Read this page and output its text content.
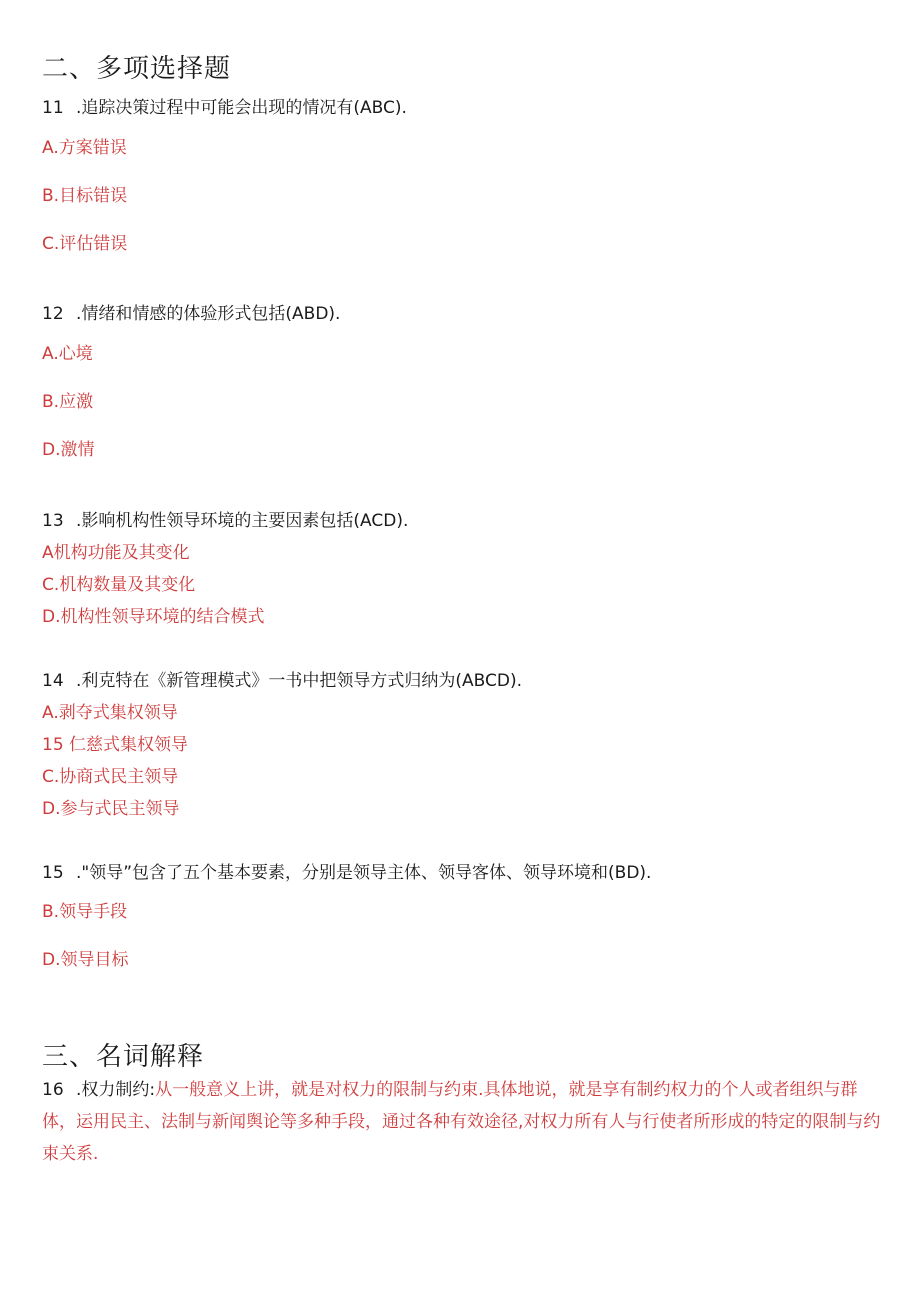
二、多项选择题
11 .追踪决策过程中可能会出现的情况有(ABC).
A.方案错误
B.目标错误
C.评估错误
12 .情绪和情感的体验形式包括(ABD).
A.心境
B.应激
D.激情
13 .影响机构性领导环境的主要因素包括(ACD).
A机构功能及其变化
C.机构数量及其变化
D.机构性领导环境的结合模式
14 .利克特在《新管理模式》一书中把领导方式归纳为(ABCD).
A.剥夺式集权领导
15 仁慈式集权领导
C.协商式民主领导
D.参与式民主领导
15 ."领导”包含了五个基本要素，分别是领导主体、领导客体、领导环境和(BD).
B.领导手段
D.领导目标
三、名词解释
16 .权力制约:从一般意义上讲，就是对权力的限制与约束.具体地说，就是享有制约权力的个人或者组织与群体，运用民主、法制与新闻舆论等多种手段，通过各种有效途径,对权力所有人与行使者所形成的特定的限制与约束关系.
